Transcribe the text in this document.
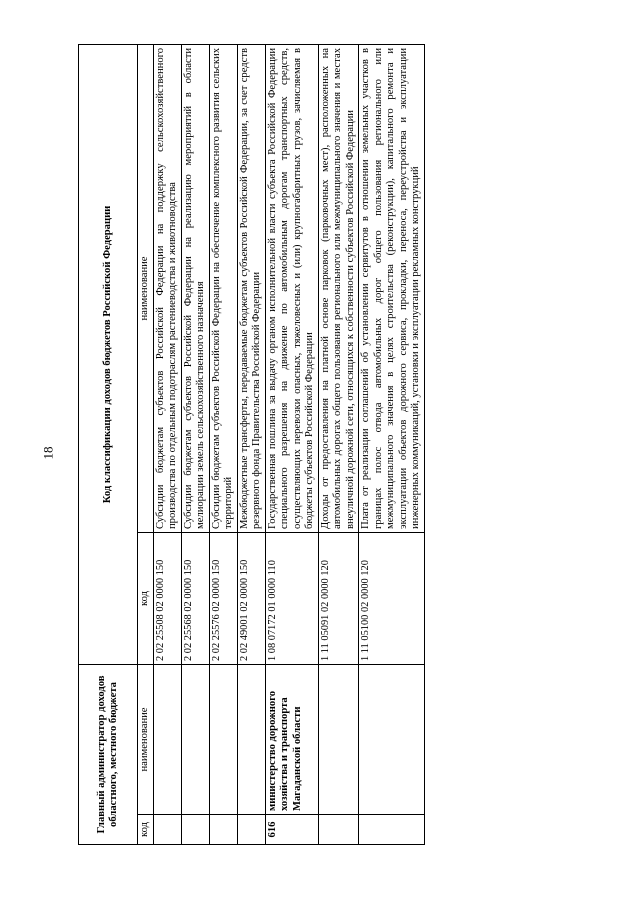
18
Главный администратор доходов областного, местного бюджета		Код классификации доходов бюджетов Российской Федерации	
код	наименование	код	наименование
		2 02 25508 02 0000 150	Субсидии бюджетам субъектов Российской Федерации на поддержку сельскохозяйственного производства по отдельным подотраслям растениеводства и животноводства
		2 02 25568 02 0000 150	Субсидии бюджетам субъектов Российской Федерации на реализацию мероприятий в области мелиорации земель сельскохозяйственного назначения
		2 02 25576 02 0000 150	Субсидии бюджетам субъектов Российской Федерации на обеспечение комплексного развития сельских территорий
		2 02 49001 02 0000 150	Межбюджетные трансферты, передаваемые бюджетам субъектов Российской Федерации, за счет средств резервного фонда Правительства Российской Федерации
616	министерство дорожного хозяйства и транспорта Магаданской области	1 08 07172 01 0000 110	Государственная пошлина за выдачу органом исполнительной власти субъекта Российской Федерации специального разрешения на движение по автомобильным дорогам транспортных средств, осуществляющих перевозки опасных, тяжеловесных и (или) крупногабаритных грузов, зачисляемая в бюджеты субъектов Российской Федерации
		1 11 05091 02 0000 120	Доходы от предоставления на платной основе парковок (парковочных мест), расположенных на автомобильных дорогах общего пользования регионального или межмуниципального значения и местах внеуличной дорожной сети, относящихся к собственности субъектов Российской Федерации
		1 11 05100 02 0000 120	Плата от реализации соглашений об установлении сервитутов в отношении земельных участков в границах полос отвода автомобильных дорог общего пользования регионального или межмуниципального значения в целях строительства (реконструкции), капитального ремонта и эксплуатации объектов дорожного сервиса, прокладки, переноса, переустройства и эксплуатации инженерных коммуникаций, установки и эксплуатации рекламных конструкций
